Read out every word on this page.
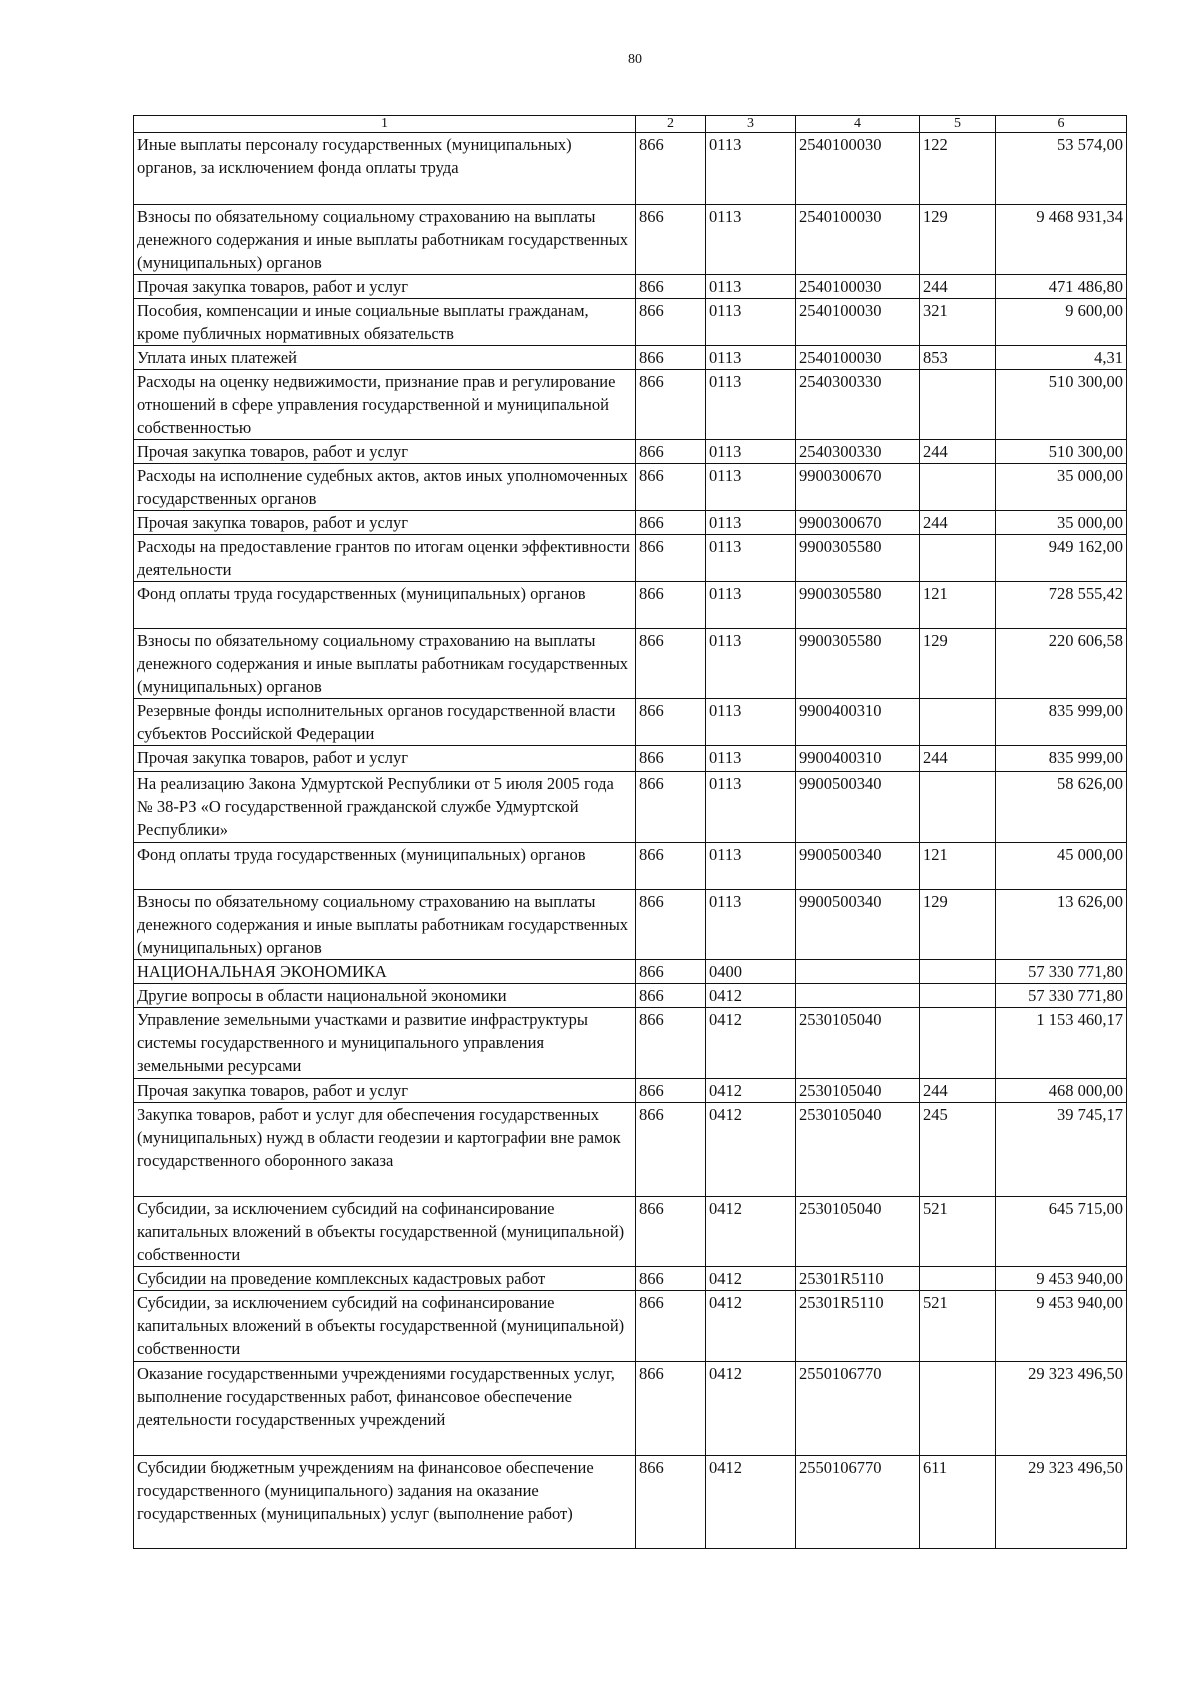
80
1	2	3	4	5	6
Иные выплаты персоналу государственных (муниципальных) органов, за исключением фонда оплаты труда	866	0113	2540100030	122	53 574,00
Взносы по обязательному социальному страхованию на выплаты денежного содержания и иные выплаты работникам государственных (муниципальных) органов	866	0113	2540100030	129	9 468 931,34
Прочая закупка товаров, работ и услуг	866	0113	2540100030	244	471 486,80
Пособия, компенсации и иные социальные выплаты гражданам, кроме публичных нормативных обязательств	866	0113	2540100030	321	9 600,00
Уплата иных платежей	866	0113	2540100030	853	4,31
Расходы на оценку недвижимости, признание прав и регулирование отношений в сфере управления государственной и муниципальной собственностью	866	0113	2540300330		510 300,00
Прочая закупка товаров, работ и услуг	866	0113	2540300330	244	510 300,00
Расходы на исполнение судебных актов, актов иных уполномоченных государственных органов	866	0113	9900300670		35 000,00
Прочая закупка товаров, работ и услуг	866	0113	9900300670	244	35 000,00
Расходы на предоставление грантов по итогам оценки эффективности деятельности	866	0113	9900305580		949 162,00
Фонд оплаты труда государственных (муниципальных) органов	866	0113	9900305580	121	728 555,42
Взносы по обязательному социальному страхованию на выплаты денежного содержания и иные выплаты работникам государственных (муниципальных) органов	866	0113	9900305580	129	220 606,58
Резервные фонды исполнительных органов государственной власти субъектов Российской Федерации	866	0113	9900400310		835 999,00
Прочая закупка товаров, работ и услуг	866	0113	9900400310	244	835 999,00
На реализацию Закона Удмуртской Республики от 5 июля 2005 года № 38-РЗ «О государственной гражданской службе Удмуртской Республики»	866	0113	9900500340		58 626,00
Фонд оплаты труда государственных (муниципальных) органов	866	0113	9900500340	121	45 000,00
Взносы по обязательному социальному страхованию на выплаты денежного содержания и иные выплаты работникам государственных (муниципальных) органов	866	0113	9900500340	129	13 626,00
НАЦИОНАЛЬНАЯ ЭКОНОМИКА	866	0400			57 330 771,80
Другие вопросы в области национальной экономики	866	0412			57 330 771,80
Управление земельными участками и развитие инфраструктуры системы государственного и муниципального управления земельными ресурсами	866	0412	2530105040		1 153 460,17
Прочая закупка товаров, работ и услуг	866	0412	2530105040	244	468 000,00
Закупка товаров, работ и услуг для обеспечения государственных (муниципальных) нужд в области геодезии и картографии вне рамок государственного оборонного заказа	866	0412	2530105040	245	39 745,17
Субсидии, за исключением субсидий на софинансирование капитальных вложений в объекты государственной (муниципальной) собственности	866	0412	2530105040	521	645 715,00
Субсидии на проведение комплексных кадастровых работ	866	0412	25301R5110		9 453 940,00
Субсидии, за исключением субсидий на софинансирование капитальных вложений в объекты государственной (муниципальной) собственности	866	0412	25301R5110	521	9 453 940,00
Оказание государственными учреждениями государственных услуг, выполнение государственных работ, финансовое обеспечение деятельности государственных учреждений	866	0412	2550106770		29 323 496,50
Субсидии бюджетным учреждениям на финансовое обеспечение государственного (муниципального) задания на оказание государственных (муниципальных) услуг (выполнение работ)	866	0412	2550106770	611	29 323 496,50
